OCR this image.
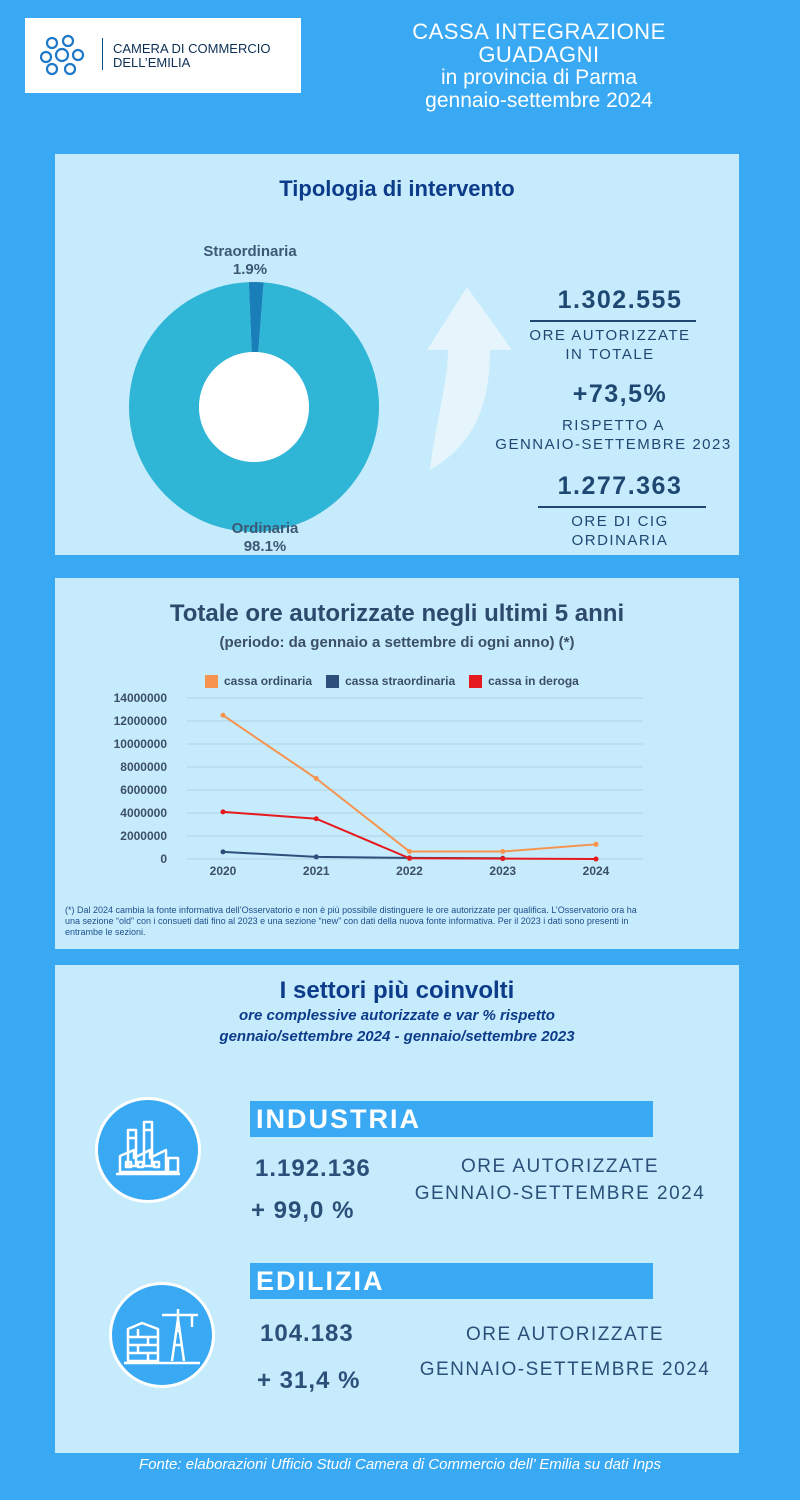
CAMERA DI COMMERCIO
DELL’EMILIA
CASSA INTEGRAZIONE
GUADAGNI
in provincia di Parma
gennaio-settembre 2024
Tipologia di intervento
Straordinaria
1.9%
Ordinaria
98.1%
1.302.555
ORE AUTORIZZATE
IN TOTALE
+73,5%
RISPETTO A
GENNAIO-SETTEMBRE 2023
1.277.363
ORE DI CIG
ORDINARIA
Totale ore autorizzate negli ultimi 5 anni
(periodo: da gennaio a settembre di ogni anno) (*)
cassa ordinaria	cassa straordinaria	cassa in deroga
0
2000000
4000000
6000000
8000000
10000000
12000000
14000000
2020	2021	2022	2023	2024
(*) Dal 2024 cambia la fonte informativa dell’Osservatorio e non è più possibile distinguere le ore autorizzate per qualifica. L’Osservatorio ora ha una sezione “old” con i consueti dati fino al 2023 e una sezione “new” con dati della nuova fonte informativa. Per il 2023 i dati sono presenti in entrambe le sezioni.
I settori più coinvolti
ore complessive autorizzate e var % rispetto
gennaio/settembre 2024 - gennaio/settembre 2023
INDUSTRIA
1.192.136
+ 99,0 %
ORE AUTORIZZATE
GENNAIO-SETTEMBRE 2024
EDILIZIA
104.183
+ 31,4 %
ORE AUTORIZZATE
GENNAIO-SETTEMBRE 2024
Fonte: elaborazioni Ufficio Studi Camera di Commercio dell’ Emilia su dati Inps
